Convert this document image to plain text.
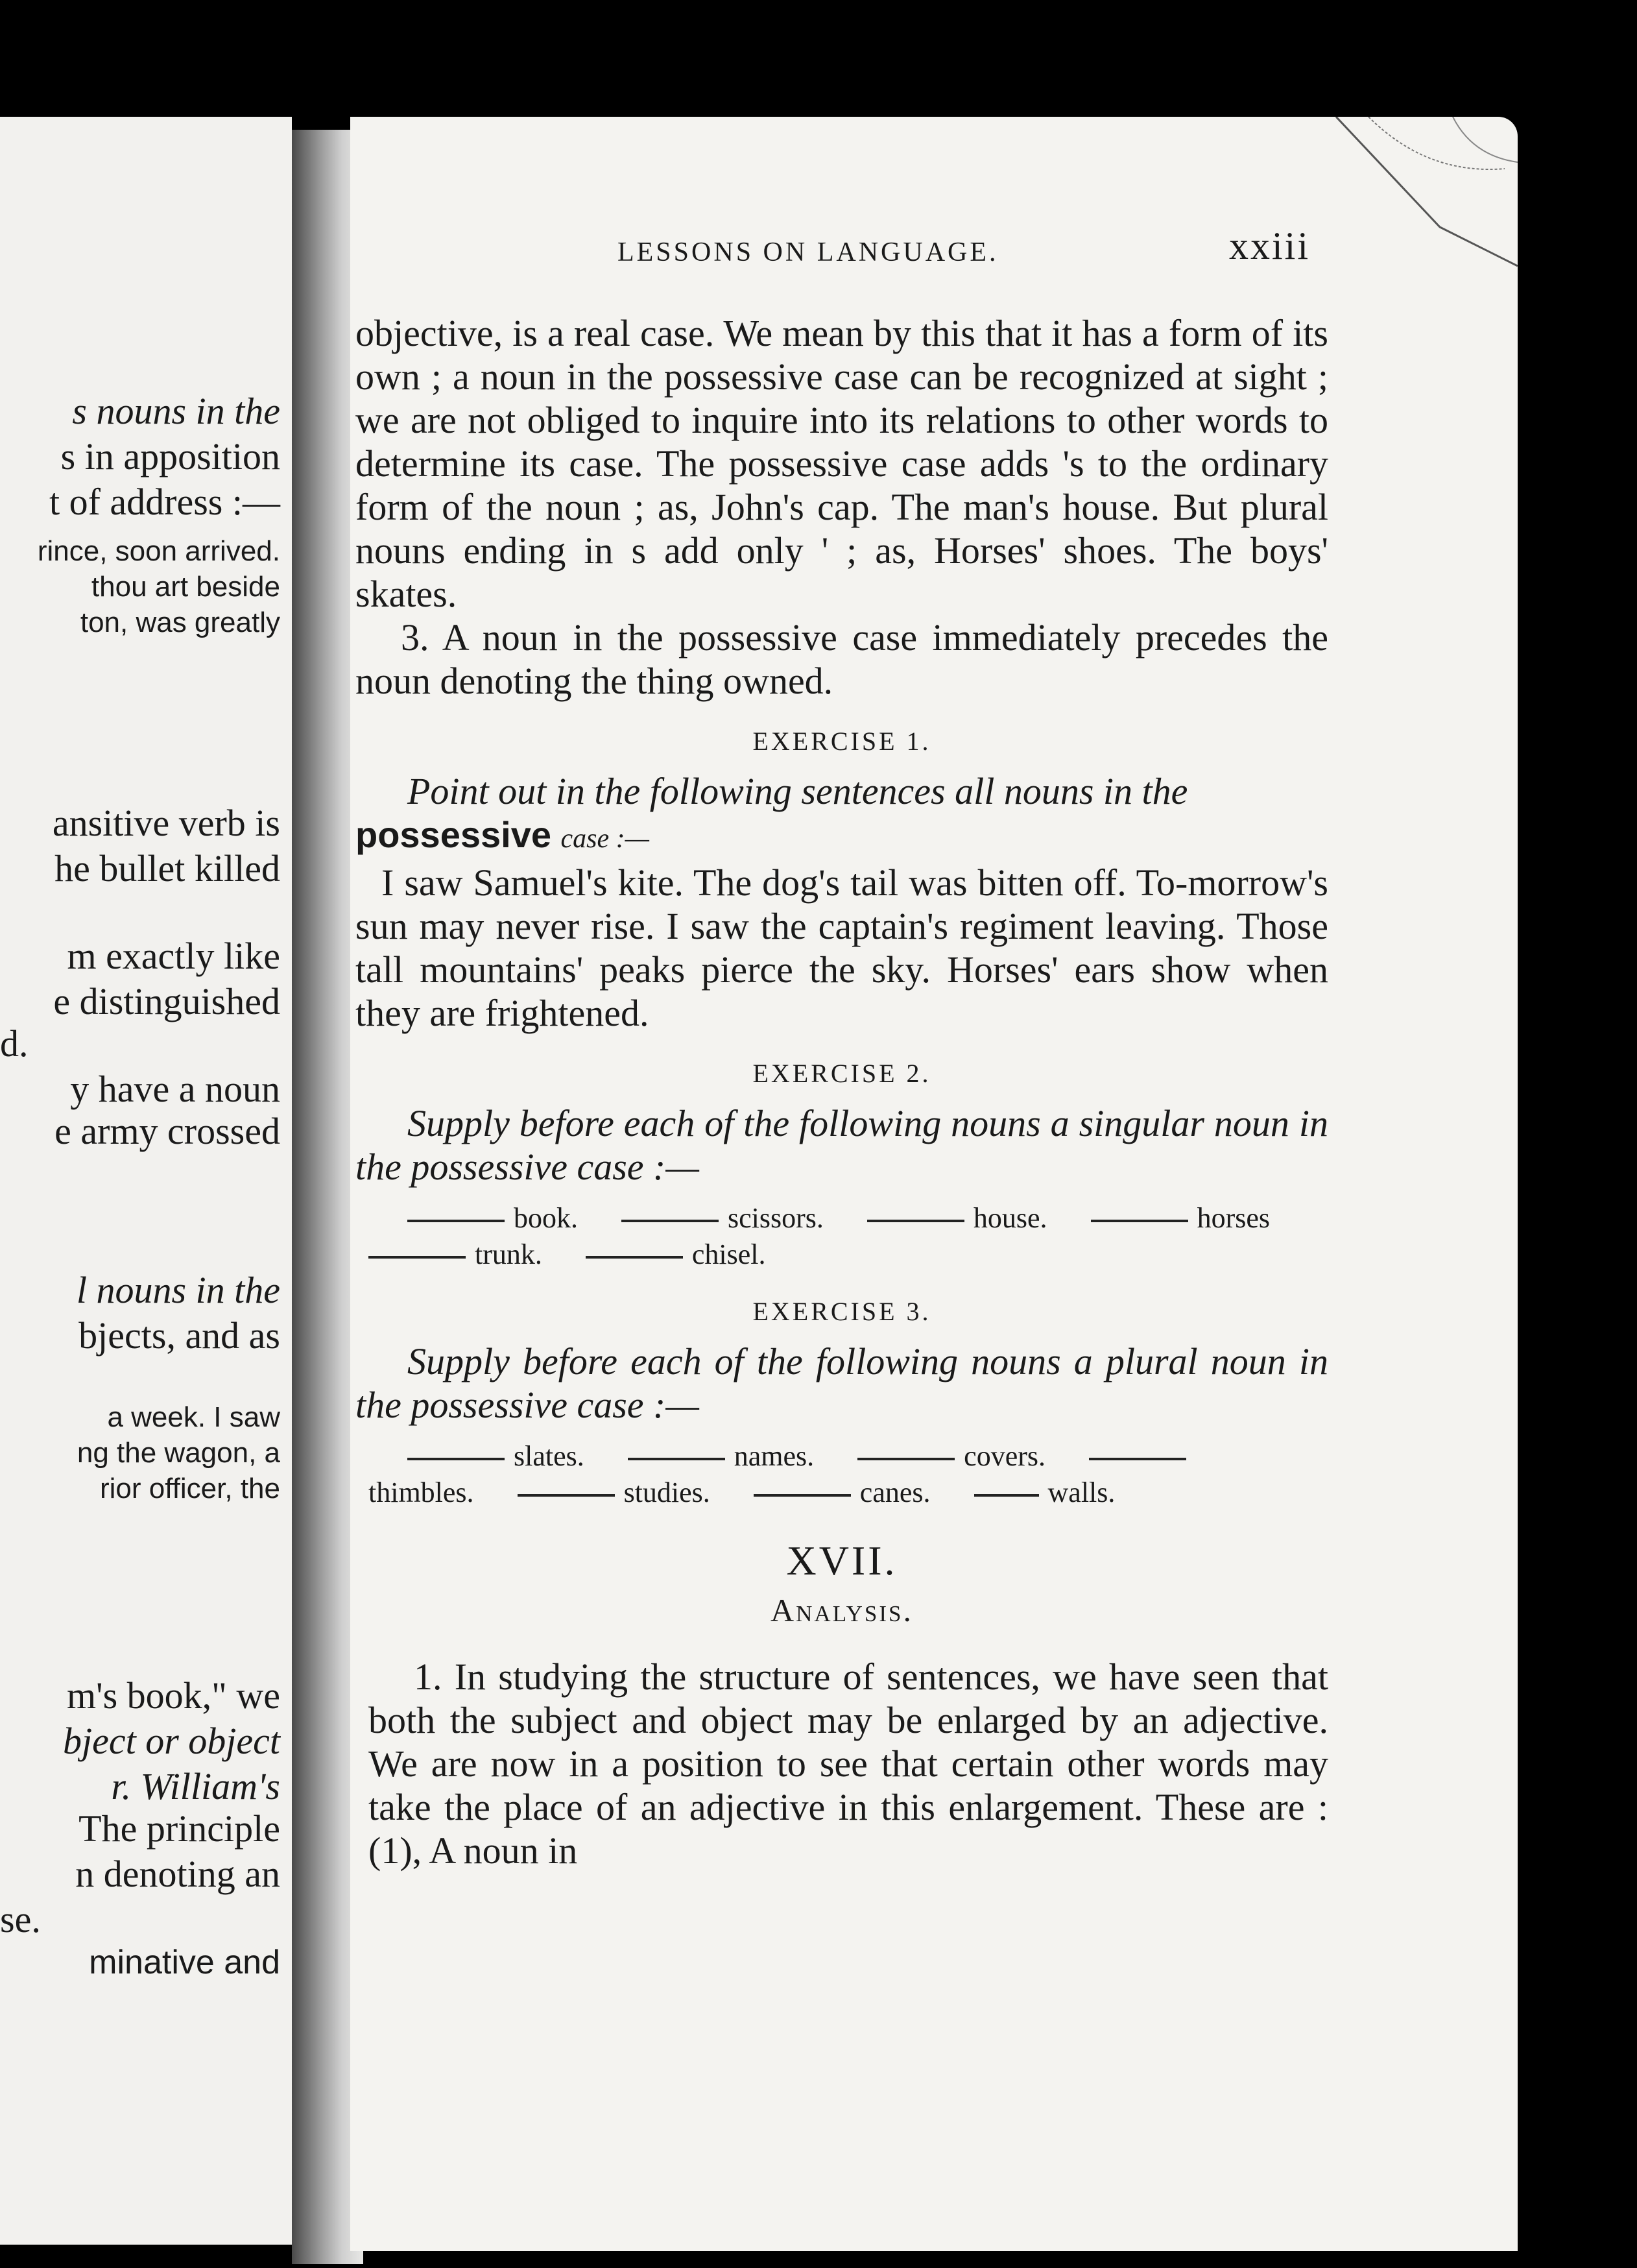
s nouns in the
s in apposition
t of address :—
rince, soon arrived.
thou art beside
ton, was greatly
ansitive verb is
he bullet killed
m exactly like
e distinguished
d.
y have a noun
e army crossed
l nouns in the
bjects, and as
a week. I saw
ng the wagon, a
rior officer, the
m's book," we
bject or object
r. William's
The principle
n denoting an
se.
minative and
LESSONS ON LANGUAGE.	xxiii

objective, is a real case. We mean by this that it has a form of its own ; a noun in the possessive case can be recognized at sight ; we are not obliged to inquire into its relations to other words to determine its case. The possessive case adds 's to the ordinary form of the noun ; as, John's cap. The man's house. But plural nouns ending in s add only ' ; as, Horses' shoes. The boys' skates.

3. A noun in the possessive case immediately precedes the noun denoting the thing owned.

EXERCISE 1.

Point out in the following sentences all nouns in the
possessive case :—

I saw Samuel's kite. The dog's tail was bitten off. To-morrow's sun may never rise. I saw the captain's regiment leaving. Those tall mountains' peaks pierce the sky. Horses' ears show when they are frightened.

EXERCISE 2.

Supply before each of the following nouns a singular noun in the possessive case :—

book.	scissors.	house.	horses
trunk.	chisel.
EXERCISE 3.

Supply before each of the following nouns a plural noun in the possessive case :—

slates.	names.	covers.
thimbles.	studies.	canes.	walls.
XVII.
Analysis.

1. In studying the structure of sentences, we have seen that both the subject and object may be enlarged by an adjective. We are now in a position to see that certain other words may take the place of an adjective in this enlargement. These are : (1), A noun in
